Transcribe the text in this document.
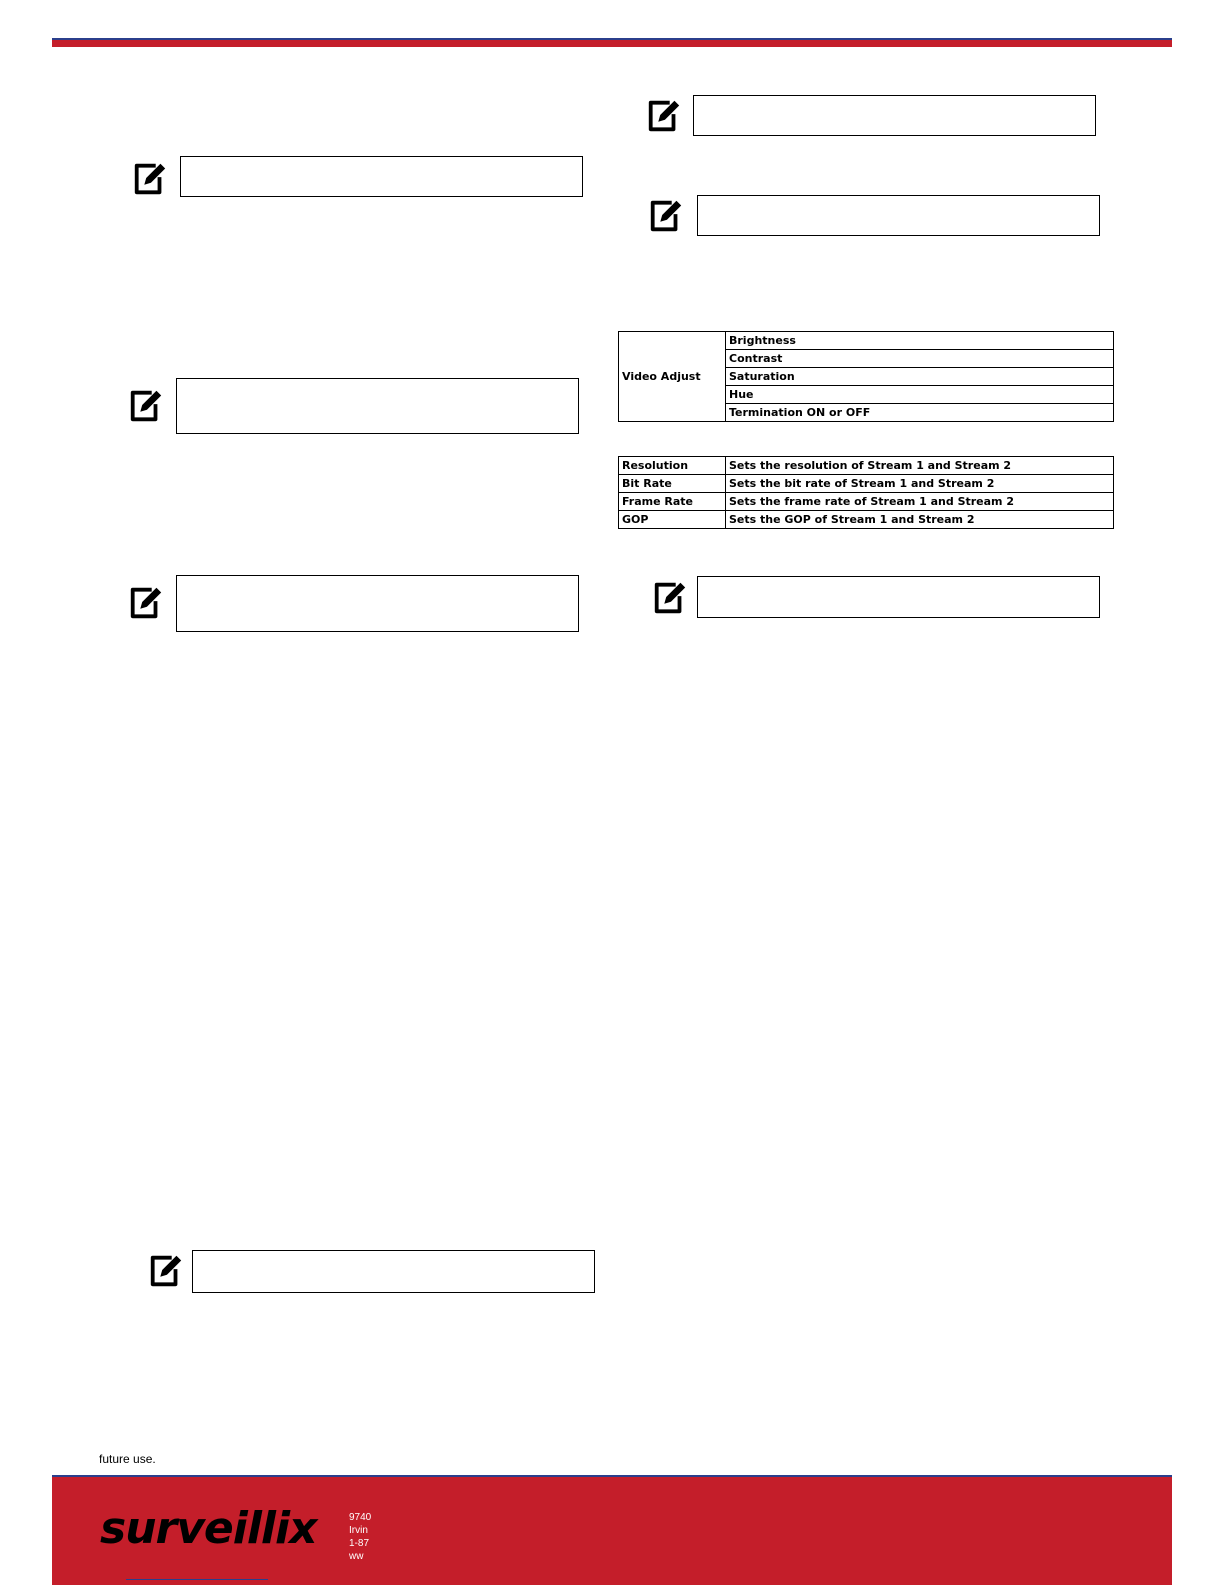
Video Adjust	Brightness
Contrast
Saturation
Hue
Termination ON or OFF
Resolution	Sets the resolution of Stream 1 and Stream 2
Bit Rate	Sets the bit rate of Stream 1 and Stream 2
Frame Rate	Sets the frame rate of Stream 1 and Stream 2
GOP	Sets the GOP of Stream 1 and Stream 2
future use.
surveillix	9740
Irvin
1-87
ww
